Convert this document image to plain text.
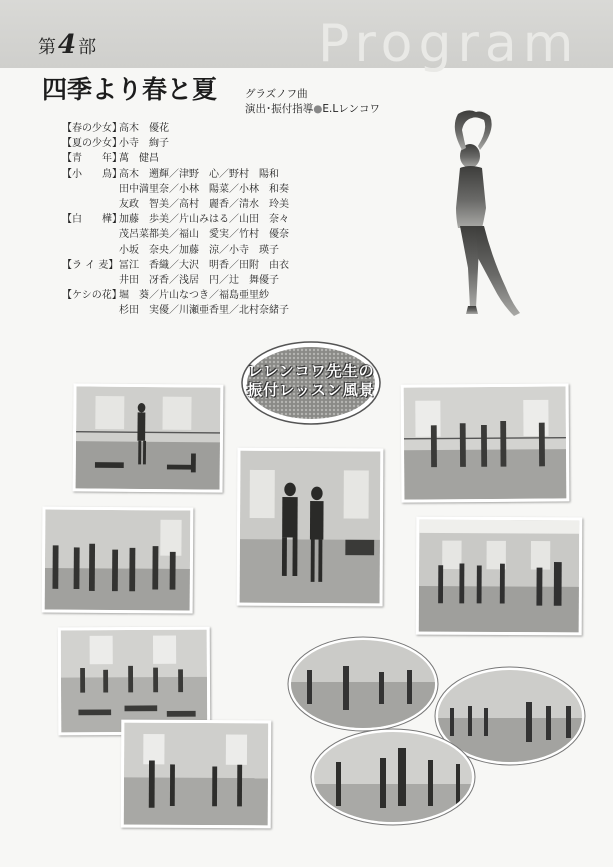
Program
第4部
四季より春と夏	グラズノフ曲
演出･振付指導●E.Lレンコワ
【春の少女】
高木　優花
【夏の少女】
小寺　絢子
【青　　年】
萬　健昌
【小　　鳥】
高木　遡輝／津野　心／野村　陽和
田中満里奈／小林　陽菜／小林　和奏
友政　智美／高村　麗香／清水　玲美
【白　　樺】
加藤　歩美／片山みはる／山田　奈々
茂呂菜都美／福山　愛実／竹村　優奈
小坂　奈央／加藤　涼／小寺　瑛子
【ラ イ 麦】 冨江　香織／大沢　明香／田附　由衣
井田　冴香／浅居　円／辻　舞優子
【ケシの花】
堀　葵／片山なつき／福島亜里紗
杉田　実優／川瀬亜香里／北村奈緒子
レレンコワ先生の
振付レッスン風景
